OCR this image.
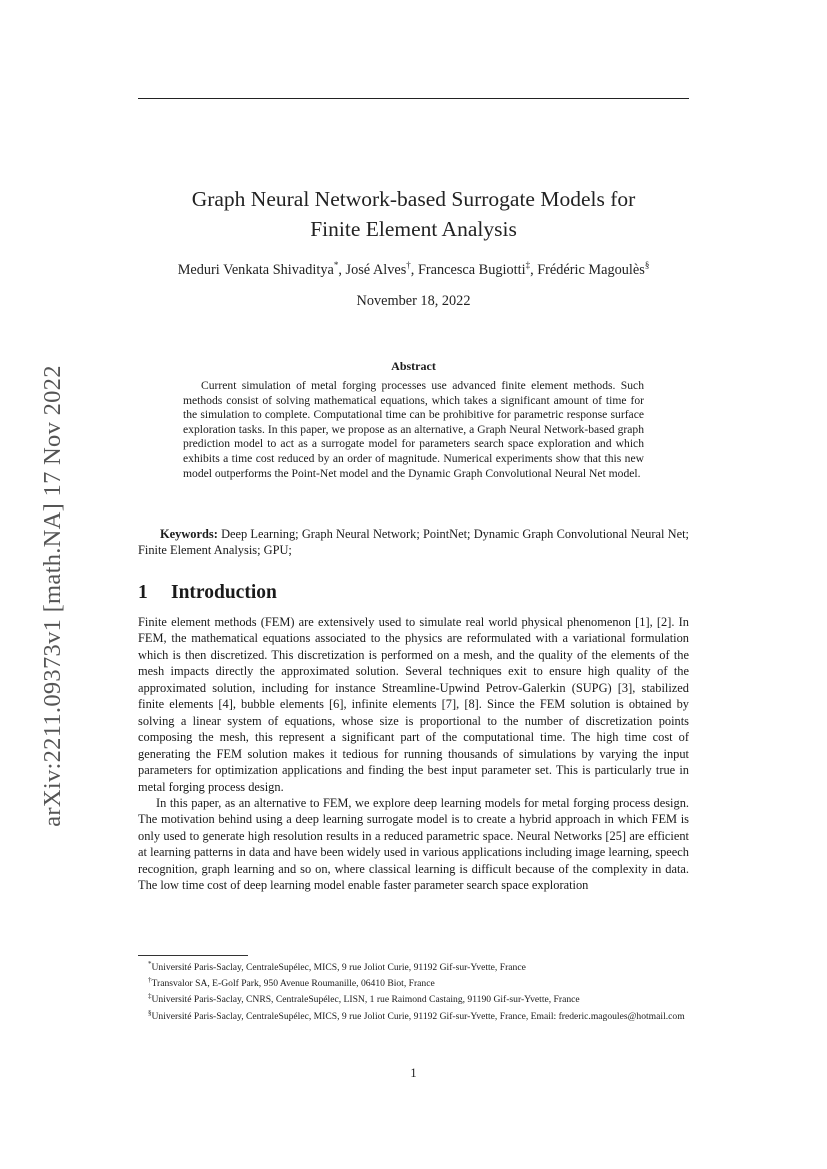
arXiv:2211.09373v1 [math.NA] 17 Nov 2022
Graph Neural Network-based Surrogate Models for
Finite Element Analysis
Meduri Venkata Shivaditya*, José Alves†, Francesca Bugiotti‡, Frédéric Magoulès§
November 18, 2022
Abstract
Current simulation of metal forging processes use advanced finite element methods. Such methods consist of solving mathematical equations, which takes a significant amount of time for the simulation to complete. Computational time can be prohibitive for parametric response surface exploration tasks. In this paper, we propose as an alternative, a Graph Neural Network-based graph prediction model to act as a surrogate model for parameters search space exploration and which exhibits a time cost reduced by an order of magnitude. Numerical experiments show that this new model outperforms the Point-Net model and the Dynamic Graph Convolutional Neural Net model.
Keywords: Deep Learning; Graph Neural Network; PointNet; Dynamic Graph Convolutional Neural Net; Finite Element Analysis; GPU;
1 Introduction

Finite element methods (FEM) are extensively used to simulate real world physical phenomenon [1], [2]. In FEM, the mathematical equations associated to the physics are reformulated with a variational formulation which is then discretized. This discretization is performed on a mesh, and the quality of the elements of the mesh impacts directly the approximated solution. Several techniques exit to ensure high quality of the approximated solution, including for instance Streamline-Upwind Petrov-Galerkin (SUPG) [3], stabilized finite elements [4], bubble elements [6], infinite elements [7], [8]. Since the FEM solution is obtained by solving a linear system of equations, whose size is proportional to the number of discretization points composing the mesh, this represent a significant part of the computational time. The high time cost of generating the FEM solution makes it tedious for running thousands of simulations by varying the input parameters for optimization applications and finding the best input parameter set. This is particularly true in metal forging process design.

In this paper, as an alternative to FEM, we explore deep learning models for metal forging process design. The motivation behind using a deep learning surrogate model is to create a hybrid approach in which FEM is only used to generate high resolution results in a reduced parametric space. Neural Networks [25] are efficient at learning patterns in data and have been widely used in various applications including image learning, speech recognition, graph learning and so on, where classical learning is difficult because of the complexity in data. The low time cost of deep learning model enable faster parameter search space exploration

*Université Paris-Saclay, CentraleSupélec, MICS, 9 rue Joliot Curie, 91192 Gif-sur-Yvette, France

†Transvalor SA, E-Golf Park, 950 Avenue Roumanille, 06410 Biot, France

‡Université Paris-Saclay, CNRS, CentraleSupélec, LISN, 1 rue Raimond Castaing, 91190 Gif-sur-Yvette, France

§Université Paris-Saclay, CentraleSupélec, MICS, 9 rue Joliot Curie, 91192 Gif-sur-Yvette, France, Email: frederic.magoules@hotmail.com

1
